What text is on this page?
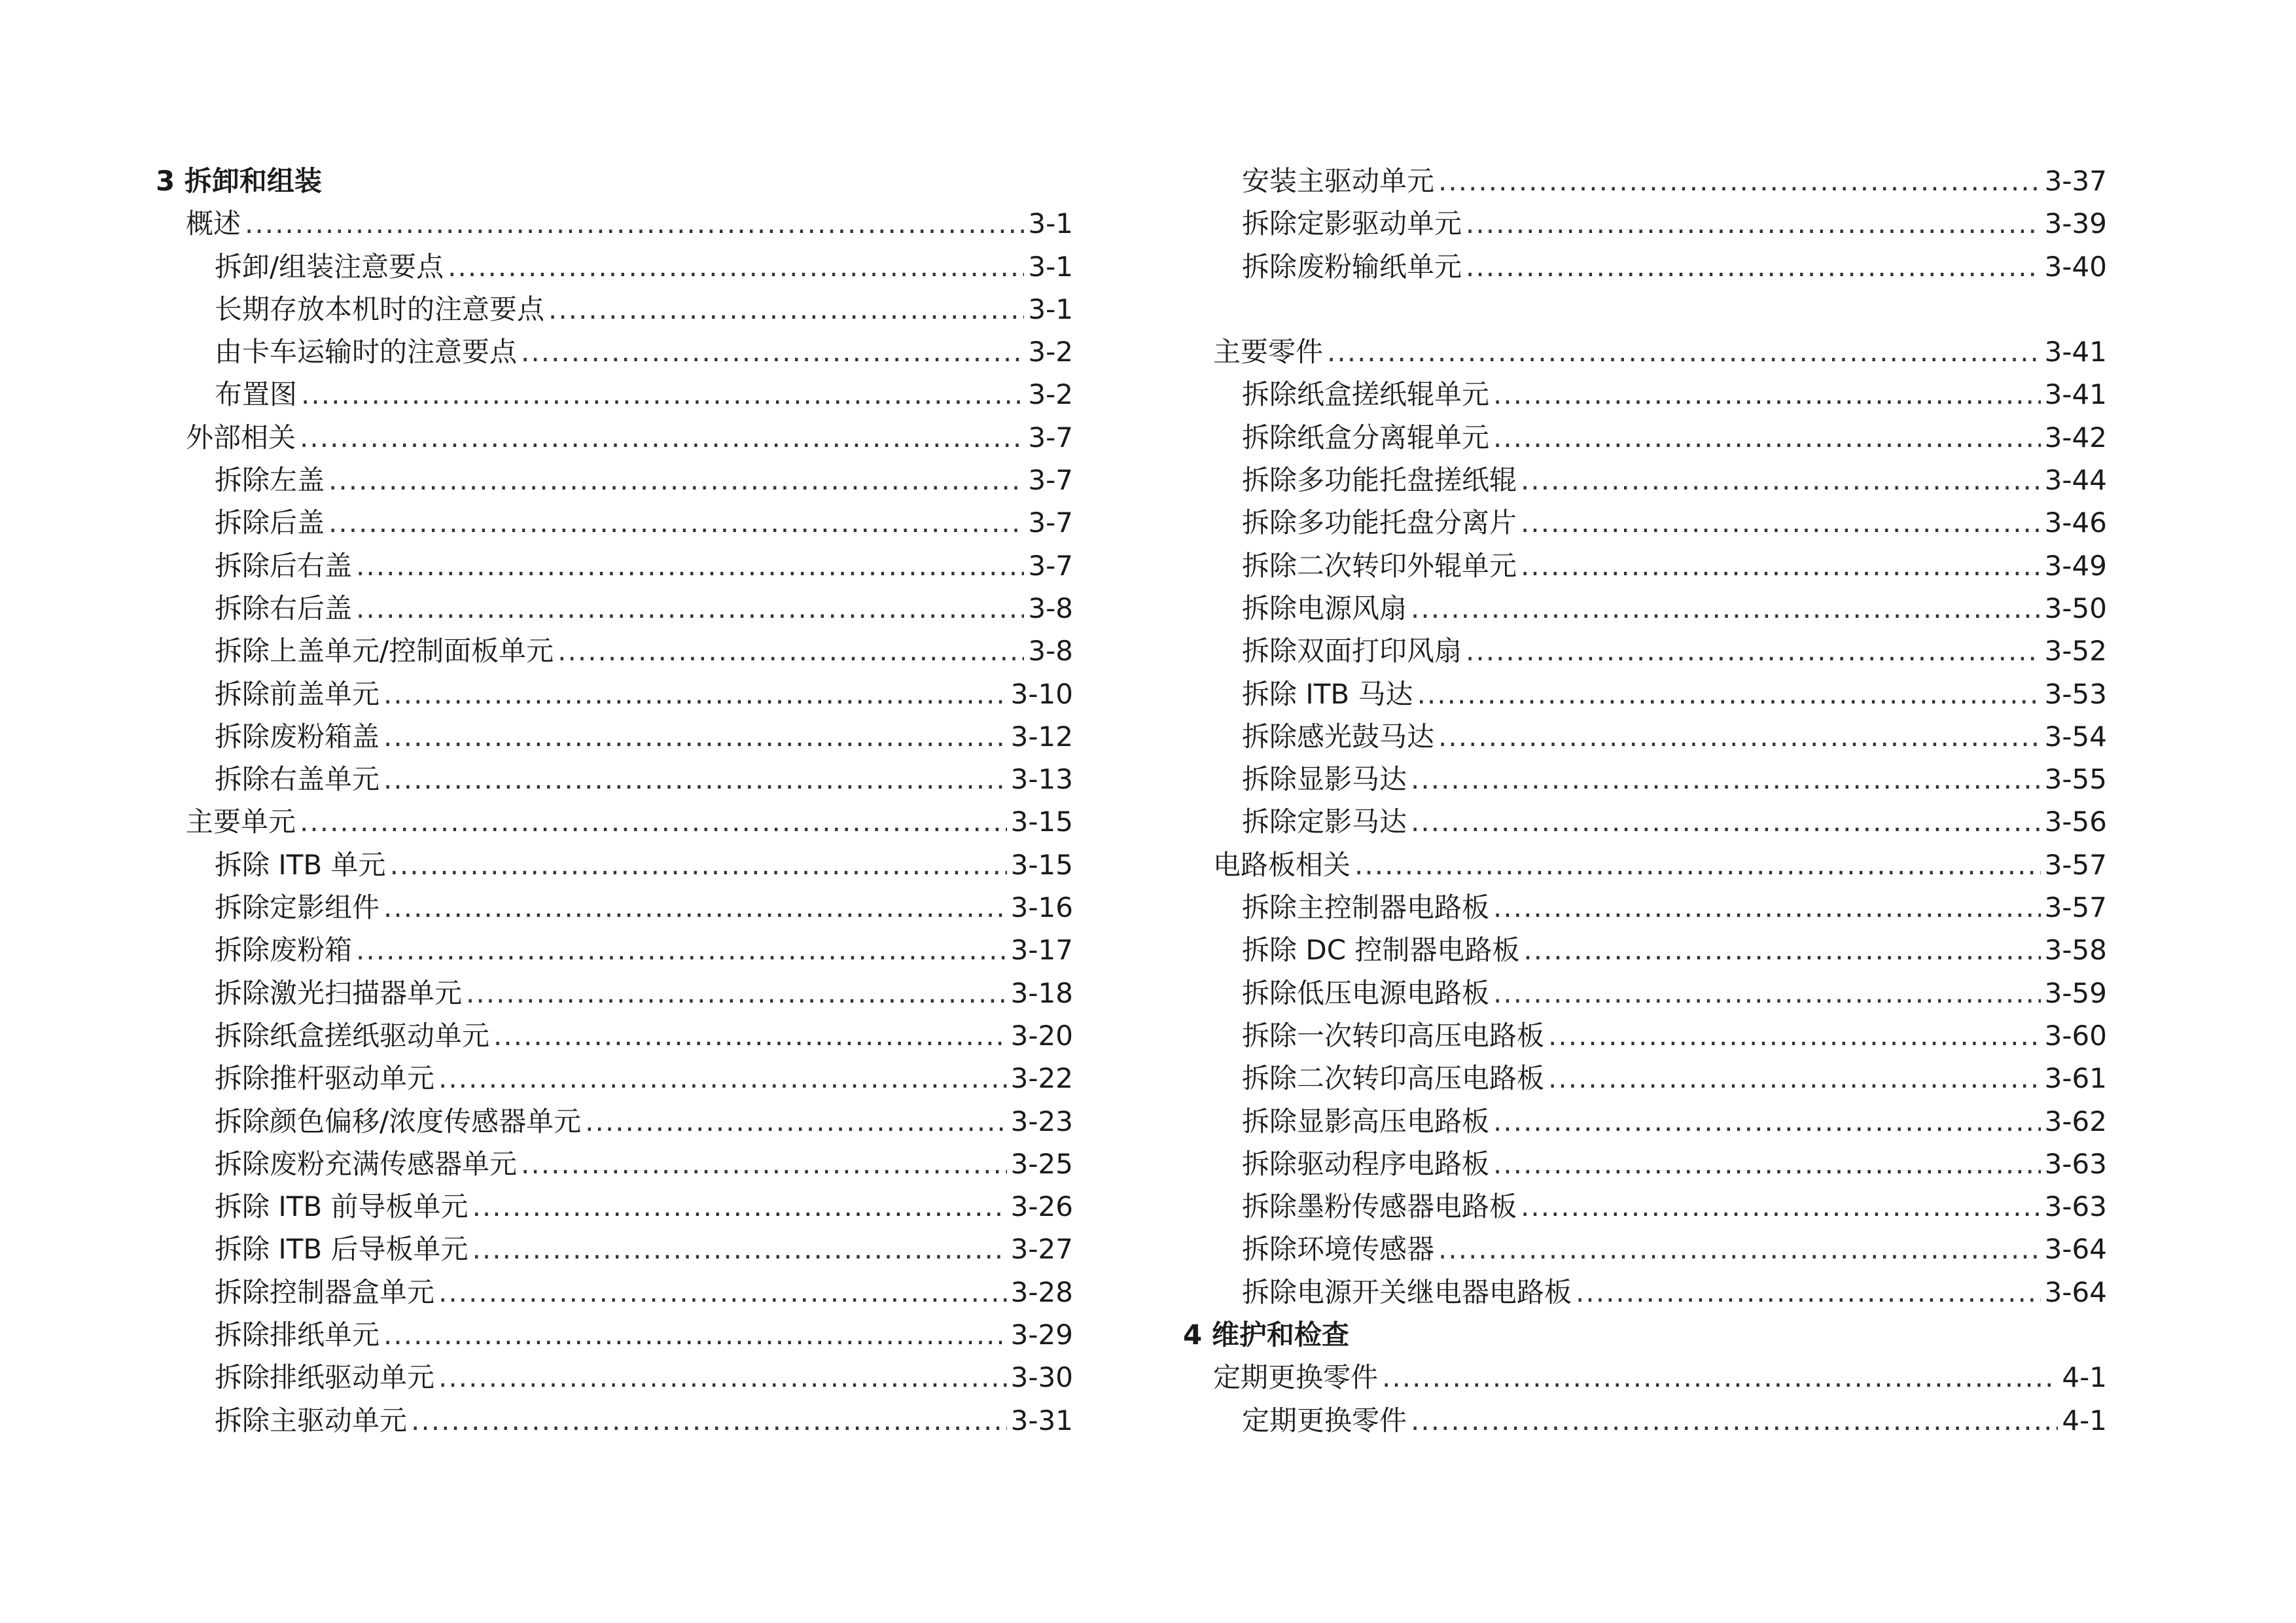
3 拆卸和组装
概述 .....	3-1
拆卸/组装注意要点 .....	3-1
长期存放本机时的注意要点 .....	3-1
由卡车运输时的注意要点 .....	3-2
布置图 .....	3-2
外部相关 .....	3-7
拆除左盖 .....	3-7
拆除后盖 .....	3-7
拆除后右盖 .....	3-7
拆除右后盖 .....	3-8
拆除上盖单元/控制面板单元 .....	3-8
拆除前盖单元 .....	3-10
拆除废粉箱盖 .....	3-12
拆除右盖单元 .....	3-13
主要单元 .....	3-15
拆除 ITB 单元 .....	3-15
拆除定影组件 .....	3-16
拆除废粉箱 .....	3-17
拆除激光扫描器单元 .....	3-18
拆除纸盒搓纸驱动单元 .....	3-20
拆除推杆驱动单元 .....	3-22
拆除颜色偏移/浓度传感器单元 .....	3-23
拆除废粉充满传感器单元 .....	3-25
拆除 ITB 前导板单元 .....	3-26
拆除 ITB 后导板单元 .....	3-27
拆除控制器盒单元 .....	3-28
拆除排纸单元 .....	3-29
拆除排纸驱动单元 .....	3-30
拆除主驱动单元 .....	3-31
安装主驱动单元 .....	3-37
拆除定影驱动单元 .....	3-39
拆除废粉输纸单元 .....	3-40
主要零件 .....	3-41
拆除纸盒搓纸辊单元 .....	3-41
拆除纸盒分离辊单元 .....	3-42
拆除多功能托盘搓纸辊 .....	3-44
拆除多功能托盘分离片 .....	3-46
拆除二次转印外辊单元 .....	3-49
拆除电源风扇 .....	3-50
拆除双面打印风扇 .....	3-52
拆除 ITB 马达 .....	3-53
拆除感光鼓马达 .....	3-54
拆除显影马达 .....	3-55
拆除定影马达 .....	3-56
电路板相关 .....	3-57
拆除主控制器电路板 .....	3-57
拆除 DC 控制器电路板 .....	3-58
拆除低压电源电路板 .....	3-59
拆除一次转印高压电路板 .....	3-60
拆除二次转印高压电路板 .....	3-61
拆除显影高压电路板 .....	3-62
拆除驱动程序电路板 .....	3-63
拆除墨粉传感器电路板 .....	3-63
拆除环境传感器 .....	3-64
拆除电源开关继电器电路板 .....	3-64
4 维护和检查
定期更换零件 .....	4-1
定期更换零件 .....	4-1
